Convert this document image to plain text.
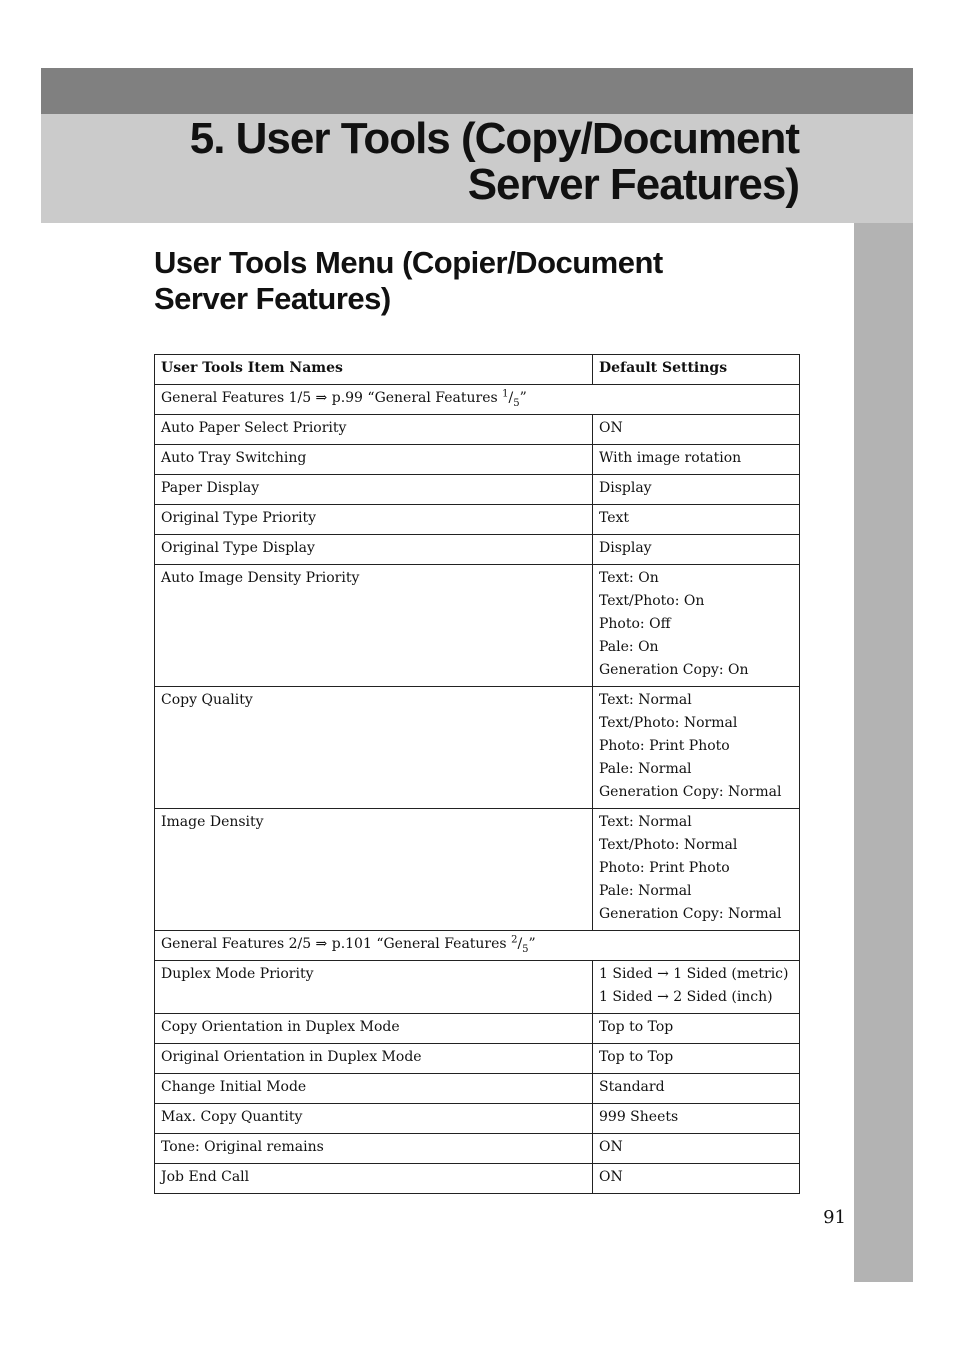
5. User Tools (Copy/Document
Server Features)
User Tools Menu (Copier/Document
Server Features)
User Tools Item Names	Default Settings
General Features 1/5 ⇒ p.99 “General Features $^1/_5$”	
Auto Paper Select Priority	ON

Auto Tray Switching	With image rotation

Paper Display	Display

Original Type Priority	Text

Original Type Display	Display

Auto Image Density Priority	Text: On
Text/Photo: On
Photo: Off
Pale: On
Generation Copy: On

Copy Quality	Text: Normal
Text/Photo: Normal
Photo: Print Photo
Pale: Normal
Generation Copy: Normal

Image Density	Text: Normal
Text/Photo: Normal
Photo: Print Photo
Pale: Normal
Generation Copy: Normal

General Features 2/5 ⇒ p.101 “General Features $^2/_5$”	
Duplex Mode Priority	1 Sided → 1 Sided (metric)
1 Sided → 2 Sided (inch)

Copy Orientation in Duplex Mode	Top to Top

Original Orientation in Duplex Mode	Top to Top

Change Initial Mode	Standard

Max. Copy Quantity	999 Sheets

Tone: Original remains	ON

Job End Call	ON
91
